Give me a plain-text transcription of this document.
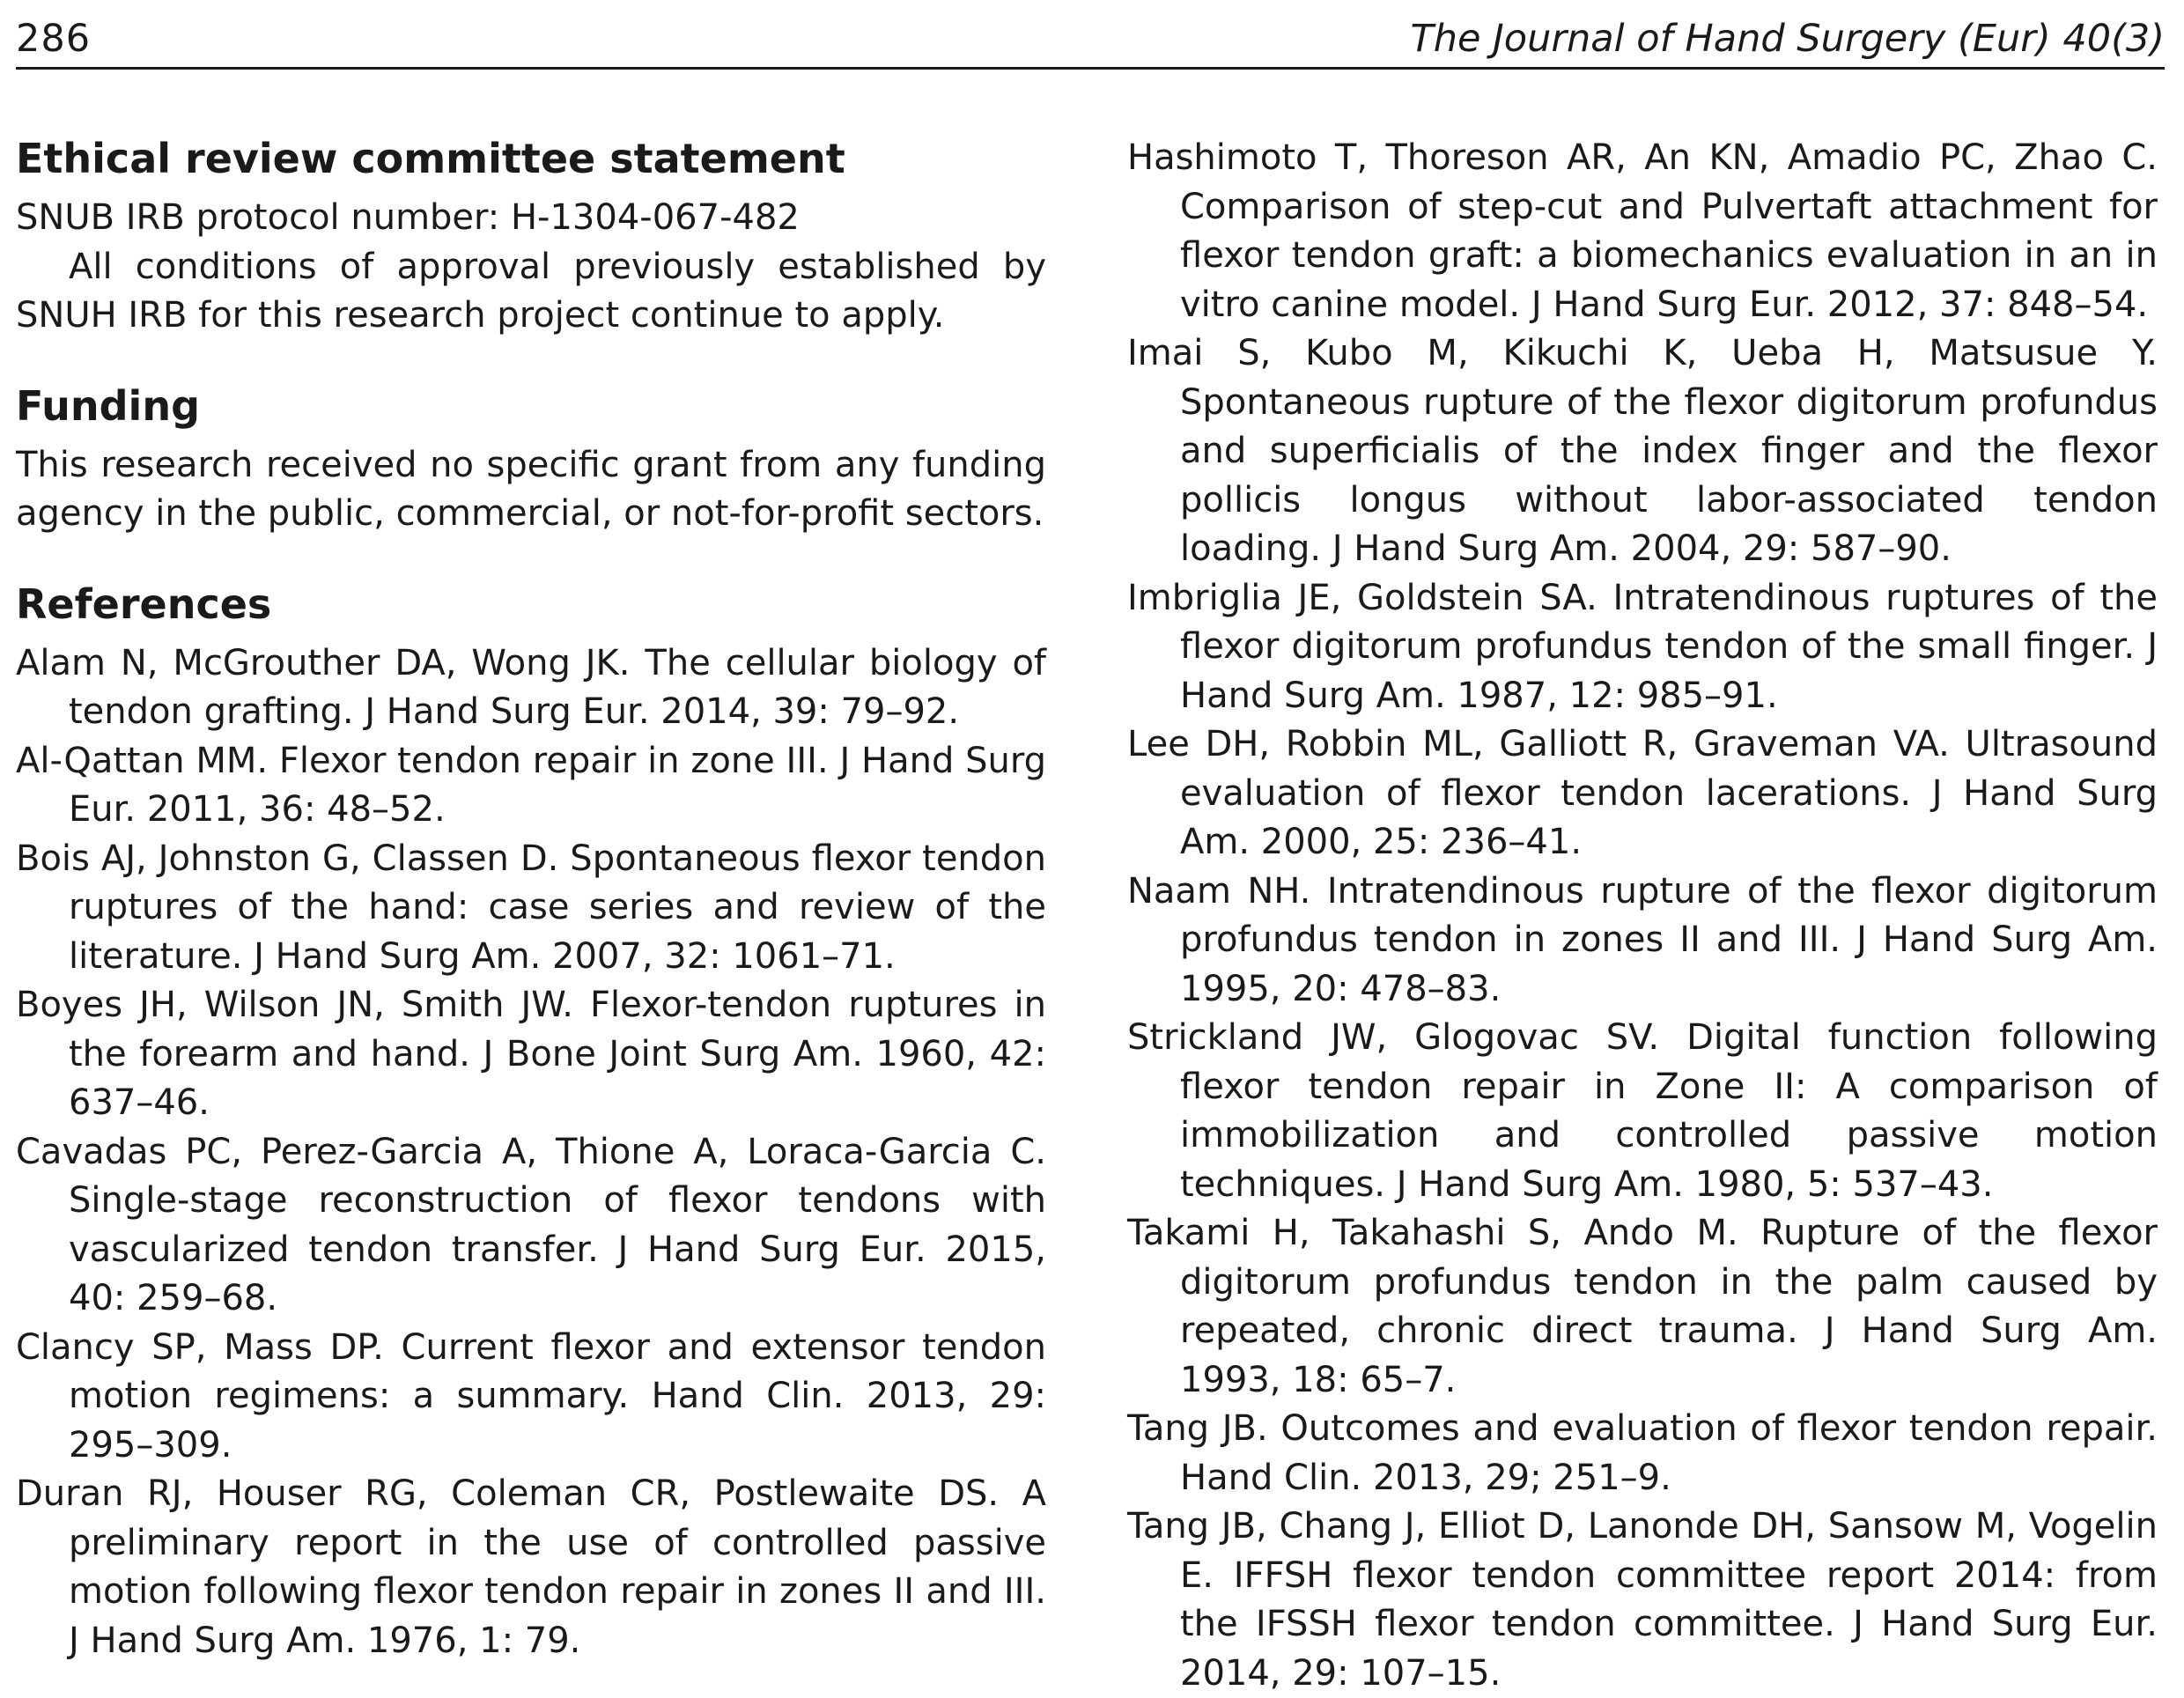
286	The Journal of Hand Surgery (Eur) 40(3)
Ethical review committee statement

SNUB IRB protocol number: H-1304-067-482

All conditions of approval previously established by SNUH IRB for this research project continue to apply.

Funding

This research received no specific grant from any funding agency in the public, commercial, or not-for-profit sectors.

References

Alam N, McGrouther DA, Wong JK. The cellular biology of tendon grafting. J Hand Surg Eur. 2014, 39: 79–92.

Al-Qattan MM. Flexor tendon repair in zone III. J Hand Surg Eur. 2011, 36: 48–52.

Bois AJ, Johnston G, Classen D. Spontaneous flexor tendon ruptures of the hand: case series and review of the literature. J Hand Surg Am. 2007, 32: 1061–71.

Boyes JH, Wilson JN, Smith JW. Flexor-tendon ruptures in the forearm and hand. J Bone Joint Surg Am. 1960, 42: 637–46.

Cavadas PC, Perez-Garcia A, Thione A, Loraca-Garcia C. Single-stage reconstruction of flexor tendons with vascularized tendon transfer. J Hand Surg Eur. 2015, 40: 259–68.

Clancy SP, Mass DP. Current flexor and extensor tendon motion regimens: a summary. Hand Clin. 2013, 29: 295–309.

Duran RJ, Houser RG, Coleman CR, Postlewaite DS. A preliminary report in the use of controlled passive motion following flexor tendon repair in zones II and III. J Hand Surg Am. 1976, 1: 79.

Hashimoto T, Thoreson AR, An KN, Amadio PC, Zhao C. Comparison of step-cut and Pulvertaft attachment for flexor tendon graft: a biomechanics evaluation in an in vitro canine model. J Hand Surg Eur. 2012, 37: 848–54.

Imai S, Kubo M, Kikuchi K, Ueba H, Matsusue Y. Spontaneous rupture of the flexor digitorum profundus and superficialis of the index finger and the flexor pollicis longus without labor-associated tendon loading. J Hand Surg Am. 2004, 29: 587–90.

Imbriglia JE, Goldstein SA. Intratendinous ruptures of the flexor digitorum profundus tendon of the small finger. J Hand Surg Am. 1987, 12: 985–91.

Lee DH, Robbin ML, Galliott R, Graveman VA. Ultrasound evaluation of flexor tendon lacerations. J Hand Surg Am. 2000, 25: 236–41.

Naam NH. Intratendinous rupture of the flexor digitorum profundus tendon in zones II and III. J Hand Surg Am. 1995, 20: 478–83.

Strickland JW, Glogovac SV. Digital function following flexor tendon repair in Zone II: A comparison of immobilization and controlled passive motion techniques. J Hand Surg Am. 1980, 5: 537–43.

Takami H, Takahashi S, Ando M. Rupture of the flexor digitorum profundus tendon in the palm caused by repeated, chronic direct trauma. J Hand Surg Am. 1993, 18: 65–7.

Tang JB. Outcomes and evaluation of flexor tendon repair. Hand Clin. 2013, 29; 251–9.

Tang JB, Chang J, Elliot D, Lanonde DH, Sansow M, Vogelin E. IFFSH flexor tendon committee report 2014: from the IFSSH flexor tendon committee. J Hand Surg Eur. 2014, 29: 107–15.
